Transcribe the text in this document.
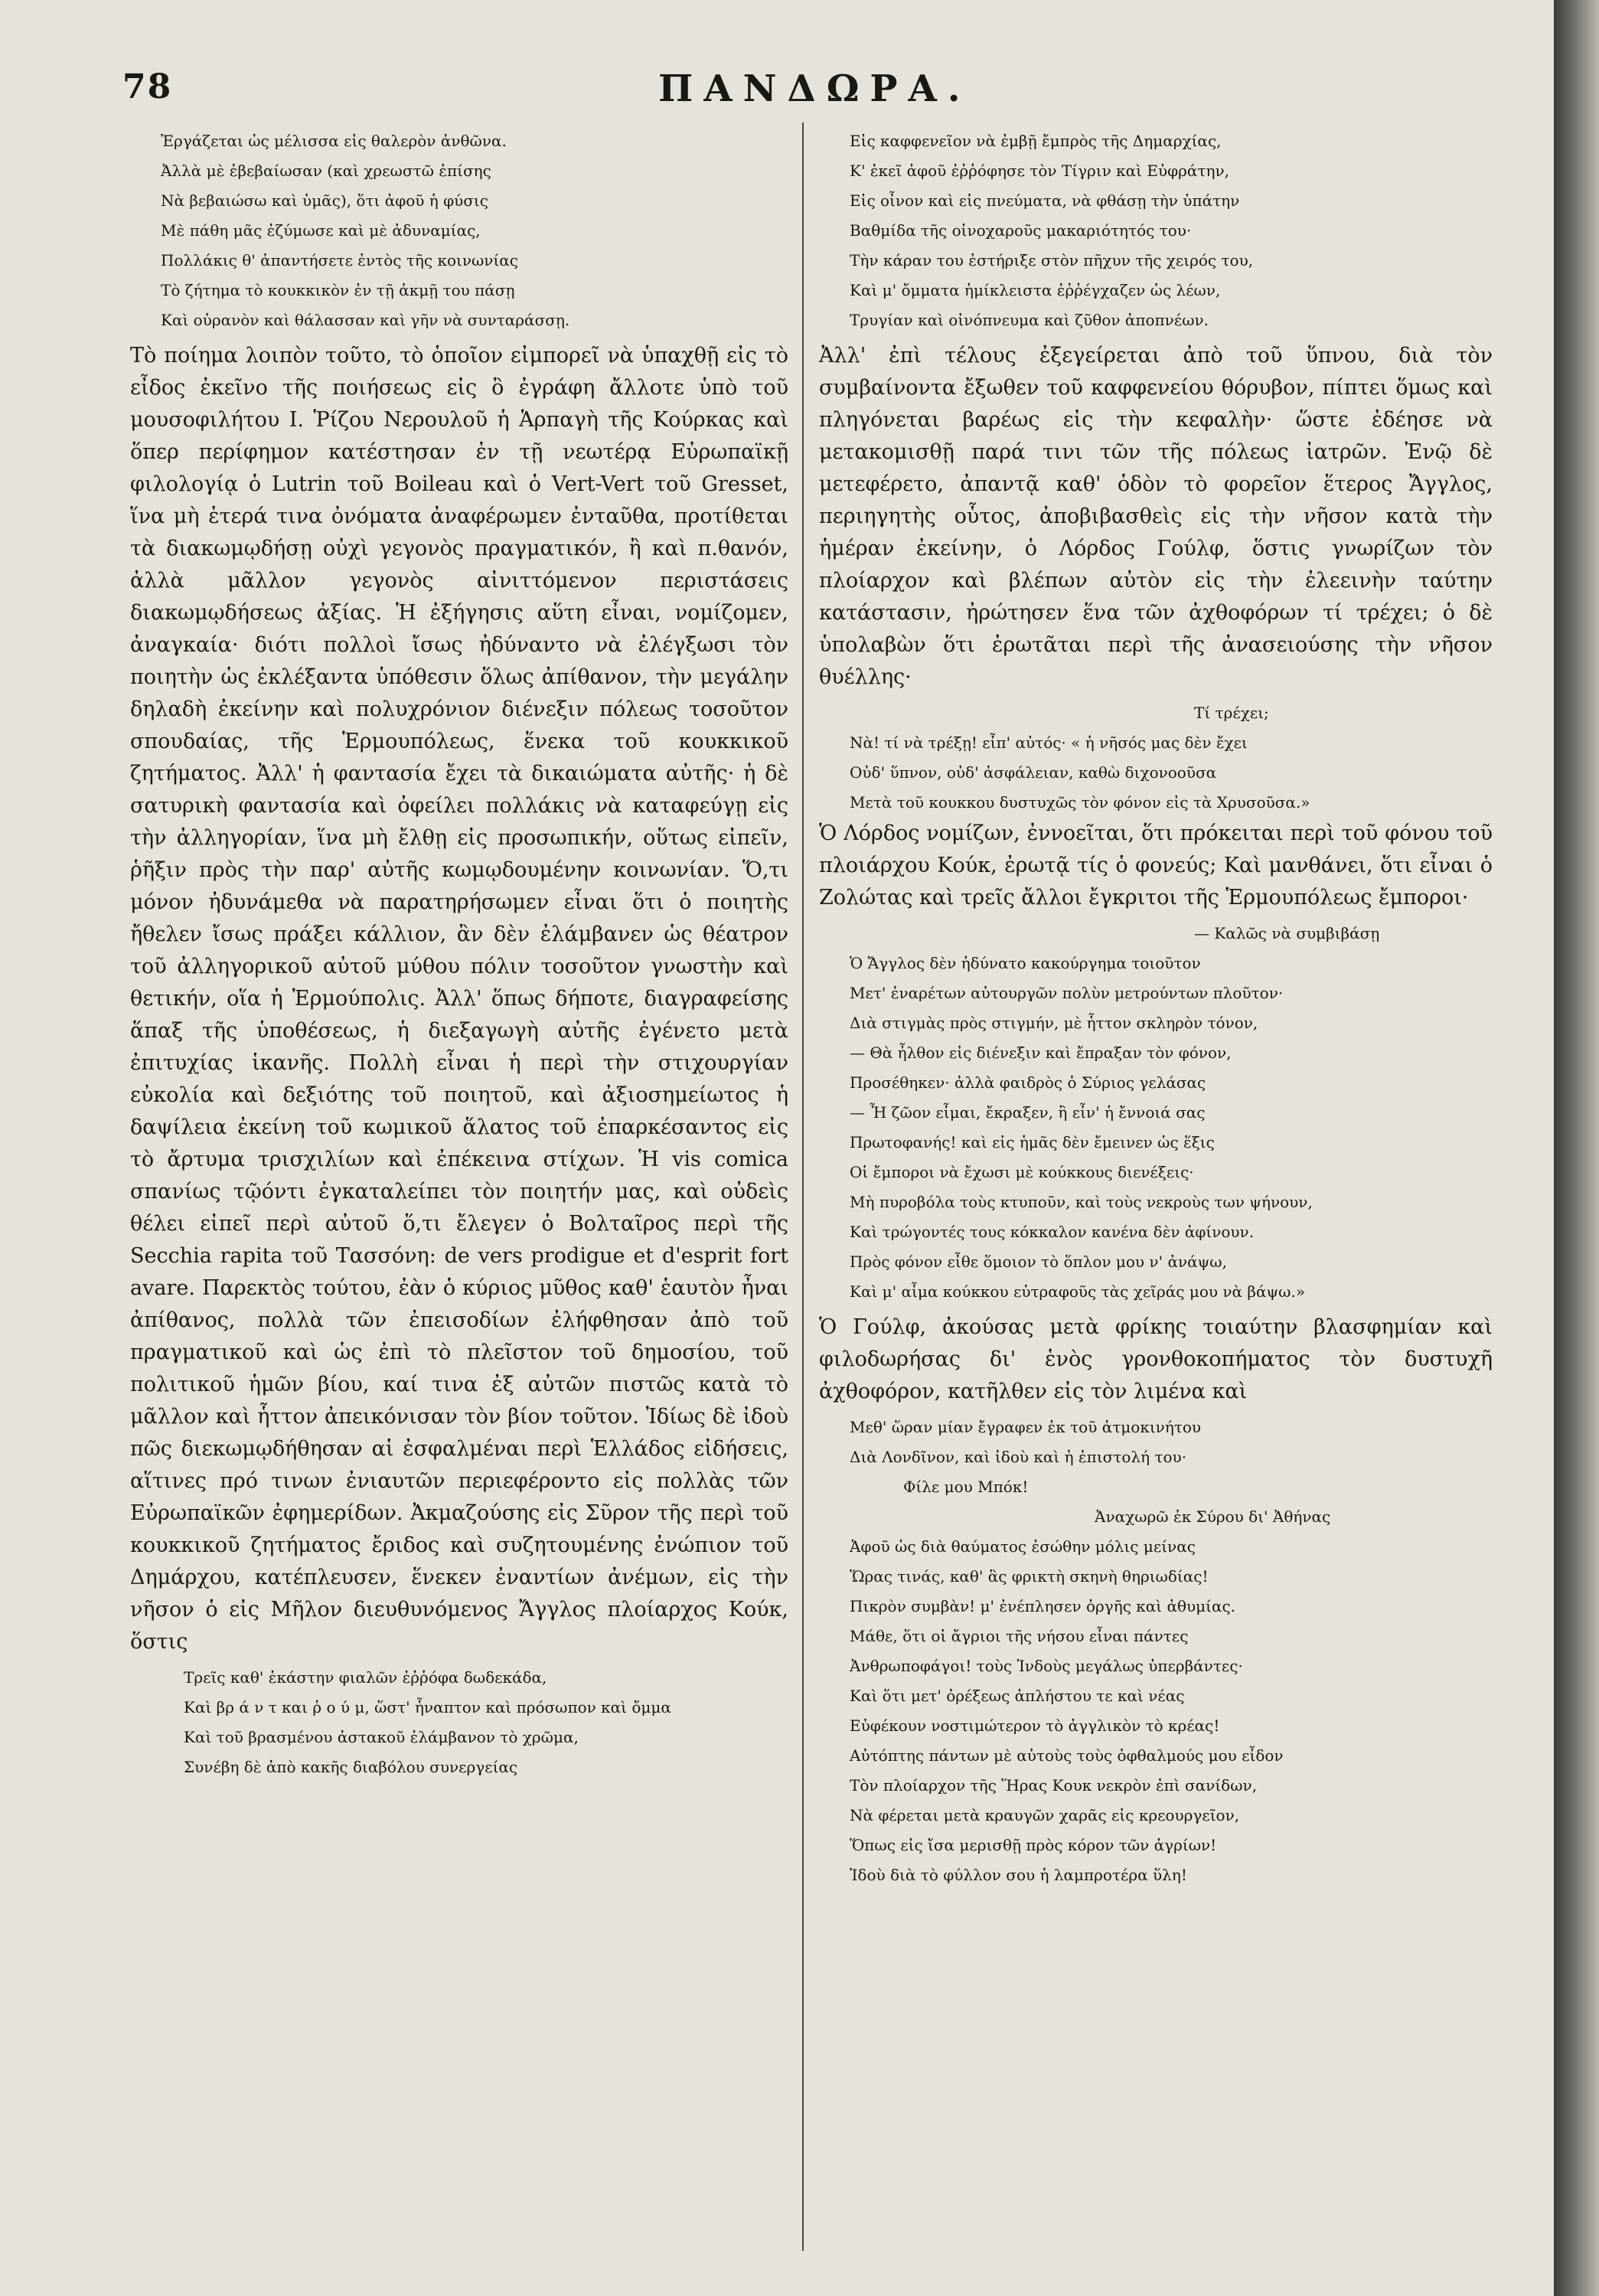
78	ΠΑΝΔΩΡΑ.
Ἐργάζεται ὡς μέλισσα εἰς θαλερὸν ἀνθῶνα.
Ἀλλὰ μὲ ἐβεβαίωσαν (καὶ χρεωστῶ ἐπίσης
Νὰ βεβαιώσω καὶ ὑμᾶς), ὅτι ἀφοῦ ἡ φύσις
Μὲ πάθη μᾶς ἐζύμωσε καὶ μὲ ἀδυναμίας,
Πολλάκις θ' ἀπαντήσετε ἐντὸς τῆς κοινωνίας
Τὸ ζήτημα τὸ κουκκικὸν ἐν τῇ ἀκμῇ του πάσῃ
Καὶ οὐρανὸν καὶ θάλασσαν καὶ γῆν νὰ συνταράσσῃ.

Τὸ ποίημα λοιπὸν τοῦτο, τὸ ὁποῖον εἰμπορεῖ νὰ ὑπαχθῇ εἰς τὸ εἶδος ἐκεῖνο τῆς ποιήσεως εἰς ὃ ἐγράφη ἄλλοτε ὑπὸ τοῦ μουσοφιλήτου Ι. Ῥίζου Νερουλοῦ ἡ Ἁρπαγὴ τῆς Κούρκας καὶ ὅπερ περίφημον κατέστησαν ἐν τῇ νεωτέρᾳ Εὐρωπαϊκῇ φιλολογίᾳ ὁ Lutrin τοῦ Boileau καὶ ὁ Vert-Vert τοῦ Gresset, ἵνα μὴ ἑτερά τινα ὀνόματα ἀναφέρωμεν ἐνταῦθα, προτίθεται τὰ διακωμῳδήσῃ οὐχὶ γεγονὸς πραγματικόν, ἢ καὶ π.θανόν, ἀλλὰ μᾶλλον γεγονὸς αἰνιττόμενον περιστάσεις διακωμῳδήσεως ἀξίας. Ἡ ἐξήγησις αὕτη εἶναι, νομίζομεν, ἀναγκαία· διότι πολλοὶ ἴσως ἠδύναντο νὰ ἐλέγξωσι τὸν ποιητὴν ὡς ἐκλέξαντα ὑπόθεσιν ὅλως ἀπίθανον, τὴν μεγάλην δηλαδὴ ἐκείνην καὶ πολυχρόνιον διένεξιν πόλεως τοσοῦτον σπουδαίας, τῆς Ἑρμουπόλεως, ἕνεκα τοῦ κουκκικοῦ ζητήματος. Ἀλλ' ἡ φαντασία ἔχει τὰ δικαιώματα αὐτῆς· ἡ δὲ σατυρικὴ φαντασία καὶ ὀφείλει πολλάκις νὰ καταφεύγῃ εἰς τὴν ἀλληγορίαν, ἵνα μὴ ἔλθῃ εἰς προσωπικήν, οὕτως εἰπεῖν, ῥῆξιν πρὸς τὴν παρ' αὐτῆς κωμῳδουμένην κοινωνίαν. Ὅ,τι μόνον ἠδυνάμεθα νὰ παρατηρήσωμεν εἶναι ὅτι ὁ ποιητὴς ἤθελεν ἴσως πράξει κάλλιον, ἂν δὲν ἐλάμβανεν ὡς θέατρον τοῦ ἀλληγορικοῦ αὐτοῦ μύθου πόλιν τοσοῦτον γνωστὴν καὶ θετικήν, οἵα ἡ Ἑρμούπολις. Ἀλλ' ὅπως δήποτε, διαγραφείσης ἅπαξ τῆς ὑποθέσεως, ἡ διεξαγωγὴ αὐτῆς ἐγένετο μετὰ ἐπιτυχίας ἱκανῆς. Πολλὴ εἶναι ἡ περὶ τὴν στιχουργίαν εὐκολία καὶ δεξιότης τοῦ ποιητοῦ, καὶ ἀξιοσημείωτος ἡ δαψίλεια ἐκείνη τοῦ κωμικοῦ ἅλατος τοῦ ἐπαρκέσαντος εἰς τὸ ἄρτυμα τρισχιλίων καὶ ἐπέκεινα στίχων. Ἡ vis comica σπανίως τῷόντι ἐγκαταλείπει τὸν ποιητήν μας, καὶ οὐδεὶς θέλει εἰπεῖ περὶ αὐτοῦ ὅ,τι ἔλεγεν ὁ Βολταῖρος περὶ τῆς Secchia rapita τοῦ Τασσόνη: de vers prodigue et d'esprit fort avare. Παρεκτὸς τούτου, ἐὰν ὁ κύριος μῦθος καθ' ἑαυτὸν ἦναι ἀπίθανος, πολλὰ τῶν ἐπεισοδίων ἐλήφθησαν ἀπὸ τοῦ πραγματικοῦ καὶ ὡς ἐπὶ τὸ πλεῖστον τοῦ δημοσίου, τοῦ πολιτικοῦ ἡμῶν βίου, καί τινα ἐξ αὐτῶν πιστῶς κατὰ τὸ μᾶλλον καὶ ἧττον ἀπεικόνισαν τὸν βίον τοῦτον. Ἰδίως δὲ ἰδοὺ πῶς διεκωμῳδήθησαν αἱ ἐσφαλμέναι περὶ Ἑλλάδος εἰδήσεις, αἵτινες πρό τινων ἐνιαυτῶν περιεφέροντο εἰς πολλὰς τῶν Εὐρωπαϊκῶν ἐφημερίδων. Ἀκμαζούσης εἰς Σῦρον τῆς περὶ τοῦ κουκκικοῦ ζητήματος ἔριδος καὶ συζητουμένης ἐνώπιον τοῦ Δημάρχου, κατέπλευσεν, ἕνεκεν ἐναντίων ἀνέμων, εἰς τὴν νῆσον ὁ εἰς Μῆλον διευθυνόμενος Ἄγγλος πλοίαρχος Κούκ, ὅστις

Τρεῖς καθ' ἑκάστην φιαλῶν ἐῤῥόφα δωδεκάδα,
Καὶ βρ ά ν τ και ῥ ο ύ μ, ὥστ' ἧναπτον καὶ πρόσωπον καὶ ὄμμα
Καὶ τοῦ βρασμένου ἀστακοῦ ἐλάμβανον τὸ χρῶμα,
Συνέβη δὲ ἀπὸ κακῆς διαβόλου συνεργείας
Εἰς καφφενεῖον νὰ ἐμβῇ ἔμπρὸς τῆς Δημαρχίας,
Κ' ἐκεῖ ἀφοῦ ἐῤῥόφησε τὸν Τίγριν καὶ Εὐφράτην,
Εἰς οἶνον καὶ εἰς πνεύματα, νὰ φθάσῃ τὴν ὑπάτην
Βαθμίδα τῆς οἰνοχαροῦς μακαριότητός του·
Τὴν κάραν του ἐστήριξε στὸν πῆχυν τῆς χειρός του,
Καὶ μ' ὄμματα ἡμίκλειστα ἐῤῥέγχαζεν ὡς λέων,
Τρυγίαν καὶ οἰνόπνευμα καὶ ζῦθον ἀποπνέων.

Ἀλλ' ἐπὶ τέλους ἐξεγείρεται ἀπὸ τοῦ ὕπνου, διὰ τὸν συμβαίνοντα ἔξωθεν τοῦ καφφενείου θόρυβον, πίπτει ὅμως καὶ πληγόνεται βαρέως εἰς τὴν κεφαλὴν· ὥστε ἐδέησε νὰ μετακομισθῇ παρά τινι τῶν τῆς πόλεως ἰατρῶν. Ἐνῷ δὲ μετεφέρετο, ἀπαντᾷ καθ' ὁδὸν τὸ φορεῖον ἕτερος Ἄγγλος, περιηγητὴς οὗτος, ἀποβιβασθεὶς εἰς τὴν νῆσον κατὰ τὴν ἡμέραν ἐκείνην, ὁ Λόρδος Γούλφ, ὅστις γνωρίζων τὸν πλοίαρχον καὶ βλέπων αὐτὸν εἰς τὴν ἐλεεινὴν ταύτην κατάστασιν, ἠρώτησεν ἕνα τῶν ἀχθοφόρων τί τρέχει; ὁ δὲ ὑπολαβὼν ὅτι ἐρωτᾶται περὶ τῆς ἀνασειούσης τὴν νῆσον θυέλλης·

Τί τρέχει;
Νὰ! τί νὰ τρέξῃ! εἶπ' αὐτός· « ἡ νῆσός μας δὲν ἔχει
Οὐδ' ὕπνον, οὐδ' ἀσφάλειαν, καθὼ διχονοοῦσα
Μετὰ τοῦ κουκκου δυστυχῶς τὸν φόνον εἰς τὰ Χρυσοῦσα.»

Ὁ Λόρδος νομίζων, ἐννοεῖται, ὅτι πρόκειται περὶ τοῦ φόνου τοῦ πλοιάρχου Κούκ, ἐρωτᾷ τίς ὁ φονεύς; Καὶ μανθάνει, ὅτι εἶναι ὁ Ζολώτας καὶ τρεῖς ἄλλοι ἔγκριτοι τῆς Ἑρμουπόλεως ἔμποροι·

— Καλῶς νὰ συμβιβάσῃ
Ὁ Ἄγγλος δὲν ἠδύνατο κακούργημα τοιοῦτον
Μετ' ἐναρέτων αὐτουργῶν πολὺν μετρούντων πλοῦτον·
Διὰ στιγμὰς πρὸς στιγμήν, μὲ ἧττον σκληρὸν τόνον,
— Θὰ ἦλθον εἰς διένεξιν καὶ ἔπραξαν τὸν φόνον,
Προσέθηκεν· ἀλλὰ φαιδρὸς ὁ Σύριος γελάσας
— Ἦ ζῶον εἶμαι, ἔκραξεν, ἢ εἶν' ἡ ἔννοιά σας
Πρωτοφανής! καὶ εἰς ἡμᾶς δὲν ἔμεινεν ὡς ἕξις
Οἱ ἔμποροι νὰ ἔχωσι μὲ κούκκους διενέξεις·
Μὴ πυροβόλα τοὺς κτυποῦν, καὶ τοὺς νεκροὺς των ψήνουν,
Καὶ τρώγοντές τους κόκκαλον κανένα δὲν ἀφίνουν.
Πρὸς φόνον εἶθε ὅμοιον τὸ ὅπλον μου ν' ἀνάψω,
Καὶ μ' αἷμα κούκκου εὐτραφοῦς τὰς χεῖράς μου νὰ βάψω.»

Ὁ Γούλφ, ἀκούσας μετὰ φρίκης τοιαύτην βλασφημίαν καὶ φιλοδωρήσας δι' ἑνὸς γρονθοκοπήματος τὸν δυστυχῆ ἀχθοφόρον, κατῆλθεν εἰς τὸν λιμένα καὶ

Μεθ' ὥραν μίαν ἔγραφεν ἐκ τοῦ ἀτμοκινήτου
Διὰ Λονδῖνον, καὶ ἰδοὺ καὶ ἡ ἐπιστολή του·
Φίλε μου Μπόκ!
Ἀναχωρῶ ἐκ Σύρου δι' Ἀθήνας
Ἀφοῦ ὡς διὰ θαύματος ἐσώθην μόλις μείνας
Ὥρας τινάς, καθ' ἃς φρικτὴ σκηνὴ θηριωδίας!
Πικρὸν συμβὰν! μ' ἐνέπλησεν ὀργῆς καὶ ἀθυμίας.
Μάθε, ὅτι οἱ ἄγριοι τῆς νήσου εἶναι πάντες
Ἀνθρωποφάγοι! τοὺς Ἰνδοὺς μεγάλως ὑπερβάντες·
Καὶ ὅτι μετ' ὀρέξεως ἀπλήστου τε καὶ νέας
Εὐφέκουν νοστιμώτερον τὸ ἀγγλικὸν τὸ κρέας!
Αὐτόπτης πάντων μὲ αὐτοὺς τοὺς ὀφθαλμούς μου εἶδον
Τὸν πλοίαρχον τῆς Ἥρας Κουκ νεκρὸν ἐπὶ σανίδων,
Νὰ φέρεται μετὰ κραυγῶν χαρᾶς εἰς κρεουργεῖον,
Ὅπως εἰς ἴσα μερισθῇ πρὸς κόρον τῶν ἀγρίων!
Ἰδοὺ διὰ τὸ φύλλον σου ἡ λαμπροτέρα ὕλη!
